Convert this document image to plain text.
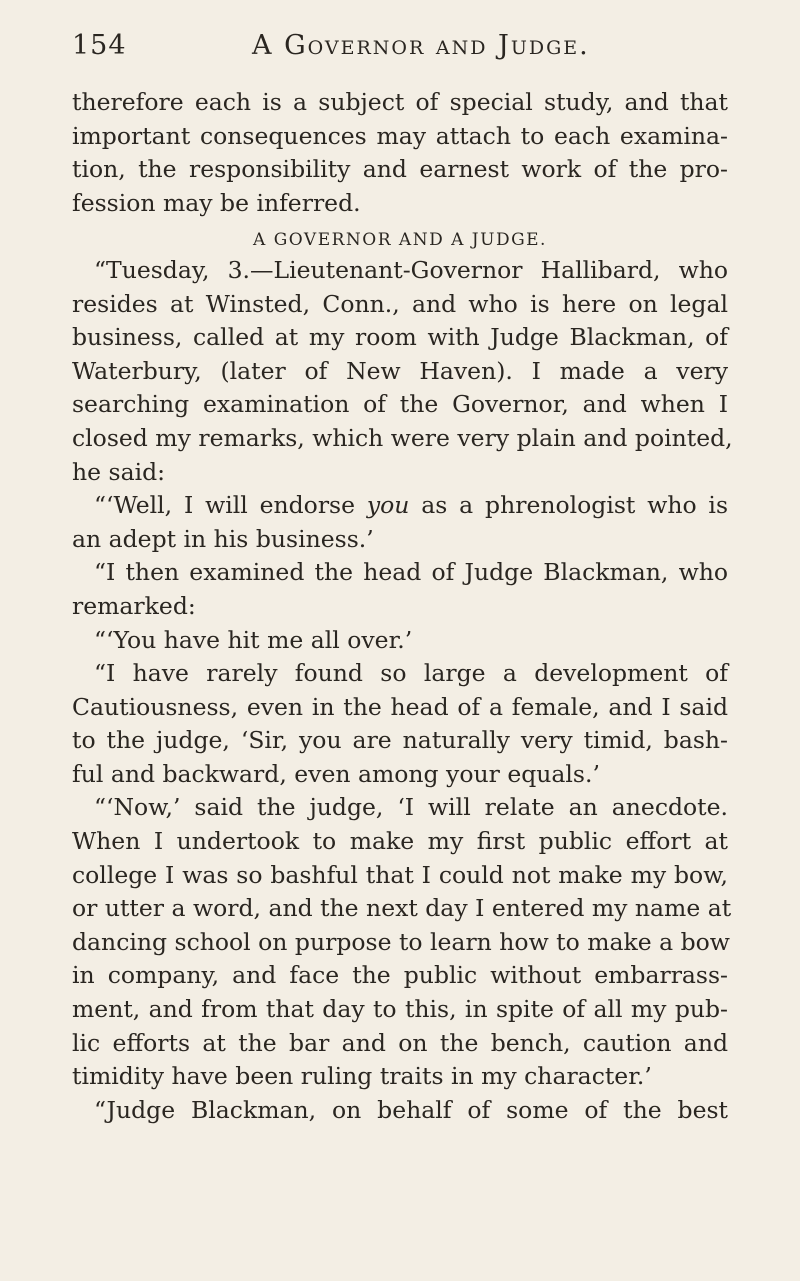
154	A Governor and Judge.
therefore each is a subject of special study, and that
important consequences may attach to each examina-
tion, the responsibility and earnest work of the pro-
fession may be inferred.
A GOVERNOR AND A JUDGE.
“Tuesday, 3.—Lieutenant-Governor Hallibard, who
resides at Winsted, Conn., and who is here on legal
business, called at my room with Judge Blackman, of
Waterbury, (later of New Haven). I made a very
searching examination of the Governor, and when I
closed my remarks, which were very plain and pointed,
he said:
“‘Well, I will endorse you as a phrenologist who is
an adept in his business.’
“I then examined the head of Judge Blackman, who
remarked:
“‘You have hit me all over.’
“I have rarely found so large a development of
Cautiousness, even in the head of a female, and I said
to the judge, ‘Sir, you are naturally very timid, bash-
ful and backward, even among your equals.’
“‘Now,’ said the judge, ‘I will relate an anecdote.
When I undertook to make my first public effort at
college I was so bashful that I could not make my bow,
or utter a word, and the next day I entered my name at
dancing school on purpose to learn how to make a bow
in company, and face the public without embarrass-
ment, and from that day to this, in spite of all my pub-
lic efforts at the bar and on the bench, caution and
timidity have been ruling traits in my character.’
“Judge Blackman, on behalf of some of the best
